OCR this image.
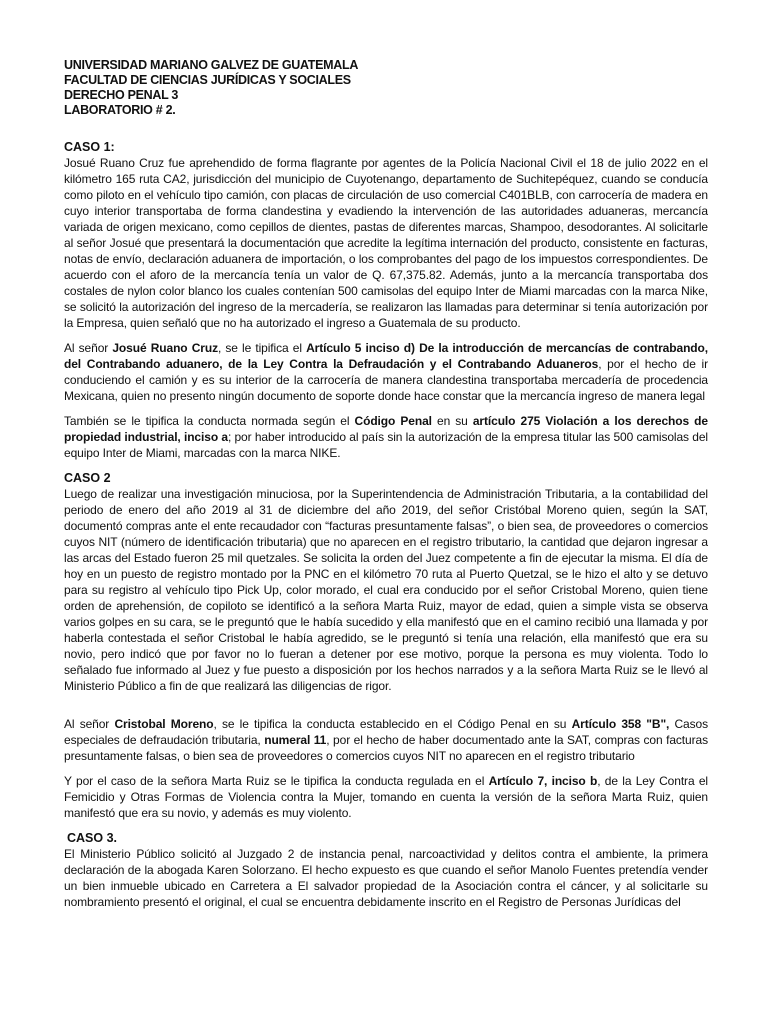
UNIVERSIDAD MARIANO GALVEZ DE GUATEMALA
FACULTAD DE CIENCIAS JURÍDICAS Y SOCIALES
DERECHO PENAL 3
LABORATORIO # 2.
CASO 1:

Josué Ruano Cruz fue aprehendido de forma flagrante por agentes de la Policía Nacional Civil el 18 de julio 2022 en el kilómetro 165 ruta CA2, jurisdicción del municipio de Cuyotenango, departamento de Suchitepéquez, cuando se conducía como piloto en el vehículo tipo camión, con placas de circulación de uso comercial C401BLB, con carrocería de madera en cuyo interior transportaba de forma clandestina y evadiendo la intervención de las autoridades aduaneras, mercancía variada de origen mexicano, como cepillos de dientes, pastas de diferentes marcas, Shampoo, desodorantes. Al solicitarle al señor Josué que presentará la documentación que acredite la legítima internación del producto, consistente en facturas, notas de envío, declaración aduanera de importación, o los comprobantes del pago de los impuestos correspondientes. De acuerdo con el aforo de la mercancía tenía un valor de Q. 67,375.82. Además, junto a la mercancía transportaba dos costales de nylon color blanco los cuales contenían 500 camisolas del equipo Inter de Miami marcadas con la marca Nike, se solicitó la autorización del ingreso de la mercadería, se realizaron las llamadas para determinar si tenía autorización por la Empresa, quien señaló que no ha autorizado el ingreso a Guatemala de su producto.

Al señor Josué Ruano Cruz, se le tipifica el Artículo 5 inciso d) De la introducción de mercancías de contrabando, del Contrabando aduanero, de la Ley Contra la Defraudación y el Contrabando Aduaneros, por el hecho de ir conduciendo el camión y es su interior de la carrocería de manera clandestina transportaba mercadería de procedencia Mexicana, quien no presento ningún documento de soporte donde hace constar que la mercancía ingreso de manera legal

También se le tipifica la conducta normada según el Código Penal en su artículo 275 Violación a los derechos de propiedad industrial, inciso a; por haber introducido al país sin la autorización de la empresa titular las 500 camisolas del equipo Inter de Miami, marcadas con la marca NIKE.

CASO 2

Luego de realizar una investigación minuciosa, por la Superintendencia de Administración Tributaria, a la contabilidad del periodo de enero del año 2019 al 31 de diciembre del año 2019, del señor Cristóbal Moreno quien, según la SAT, documentó compras ante el ente recaudador con “facturas presuntamente falsas”, o bien sea, de proveedores o comercios cuyos NIT (número de identificación tributaria) que no aparecen en el registro tributario, la cantidad que dejaron ingresar a las arcas del Estado fueron 25 mil quetzales. Se solicita la orden del Juez competente a fin de ejecutar la misma. El día de hoy en un puesto de registro montado por la PNC en el kilómetro 70 ruta al Puerto Quetzal, se le hizo el alto y se detuvo para su registro al vehículo tipo Pick Up, color morado, el cual era conducido por el señor Cristobal Moreno, quien tiene orden de aprehensión, de copiloto se identificó a la señora Marta Ruiz, mayor de edad, quien a simple vista se observa varios golpes en su cara, se le preguntó que le había sucedido y ella manifestó que en el camino recibió una llamada y por haberla contestada el señor Cristobal le había agredido, se le preguntó si tenía una relación, ella manifestó que era su novio, pero indicó que por favor no lo fueran a detener por ese motivo, porque la persona es muy violenta. Todo lo señalado fue informado al Juez y fue puesto a disposición por los hechos narrados y a la señora Marta Ruiz se le llevó al Ministerio Público a fin de que realizará las diligencias de rigor.

Al señor Cristobal Moreno, se le tipifica la conducta establecido en el Código Penal en su Artículo 358 "B", Casos especiales de defraudación tributaria, numeral 11, por el hecho de haber documentado ante la SAT, compras con facturas presuntamente falsas, o bien sea de proveedores o comercios cuyos NIT no aparecen en el registro tributario

Y por el caso de la señora Marta Ruiz se le tipifica la conducta regulada en el Artículo 7, inciso b, de la Ley Contra el Femicidio y Otras Formas de Violencia contra la Mujer, tomando en cuenta la versión de la señora Marta Ruiz, quien manifestó que era su novio, y además es muy violento.

CASO 3.

El Ministerio Público solicitó al Juzgado 2 de instancia penal, narcoactividad y delitos contra el ambiente, la primera declaración de la abogada Karen Solorzano. El hecho expuesto es que cuando el señor Manolo Fuentes pretendía vender un bien inmueble ubicado en Carretera a El salvador propiedad de la Asociación contra el cáncer, y al solicitarle su nombramiento presentó el original, el cual se encuentra debidamente inscrito en el Registro de Personas Jurídicas del
